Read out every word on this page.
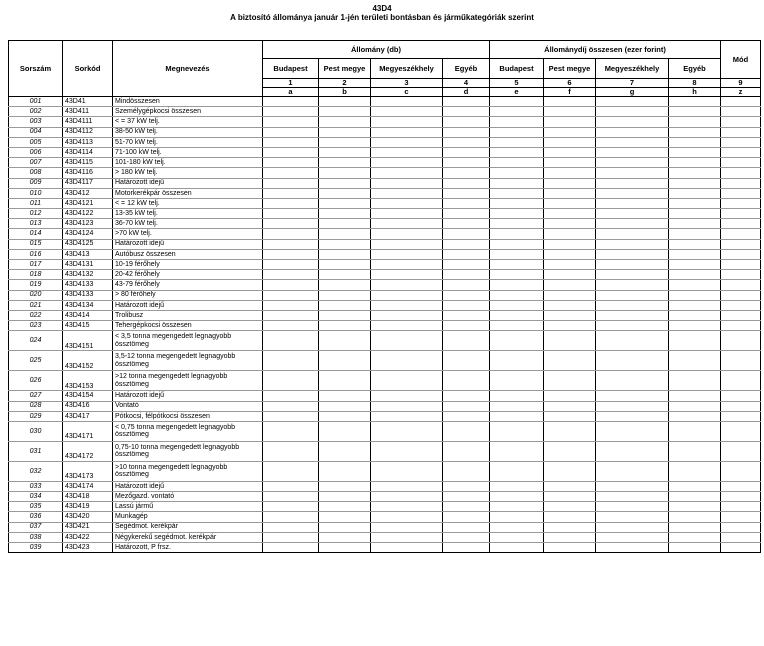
43D4
A biztosító állománya január 1-jén területi bontásban és járműkategóriák szerint
Sorszám	Sorkód	Megnevezés	Állomány (db)				Állománydíj összesen (ezer forint)				Mód
			Budapest	Pest megye	Megyeszékhely	Egyéb	Budapest	Pest megye	Megyeszékhely	Egyéb	
			1	2	3	4	5	6	7	8	9
			a	b	c	d	e	f	g	h	z
001	43D41	Mindösszesen									
002	43D411	Személygépkocsi összesen									
003	43D4111	< = 37 kW telj.									
004	43D4112	38-50 kW telj.									
005	43D4113	51-70 kW telj.									
006	43D4114	71-100 kW telj.									
007	43D4115	101-180 kW telj.									
008	43D4116	> 180 kW telj.									
009	43D4117	Határozott idejű									
010	43D412	Motorkerékpár összesen									
011	43D4121	< = 12 kW telj.									
012	43D4122	13-35 kW telj.									
013	43D4123	36-70 kW telj.									
014	43D4124	>70 kW telj.									
015	43D4125	Határozott idejű									
016	43D413	Autóbusz összesen									
017	43D4131	10-19 férőhely									
018	43D4132	20-42 férőhely									
019	43D4133	43-79 férőhely									
020	43D4133	> 80 férőhely									
021	43D4134	Határozott idejű									
022	43D414	Trolibusz									
023	43D415	Tehergépkocsi összesen									
024	43D4151	< 3,5 tonna megengedett legnagyobb össztömeg									
025	43D4152	3,5-12 tonna megengedett legnagyobb össztömeg									
026	43D4153	>12 tonna megengedett legnagyobb össztömeg									
027	43D4154	Határozott idejű									
028	43D416	Vontató									
029	43D417	Pótkocsi, félpótkocsi összesen									
030	43D4171	< 0,75 tonna megengedett legnagyobb össztömeg									
031	43D4172	0,75-10 tonna megengedett legnagyobb össztömeg									
032	43D4173	>10 tonna megengedett legnagyobb össztömeg									
033	43D4174	Határozott idejű									
034	43D418	Mezőgazd. vontató									
035	43D419	Lassú jármű									
036	43D420	Munkagép									
037	43D421	Segédmot. kerékpár									
038	43D422	Négykerekű segédmot. kerékpár									
039	43D423	Határozott, P frsz.									
